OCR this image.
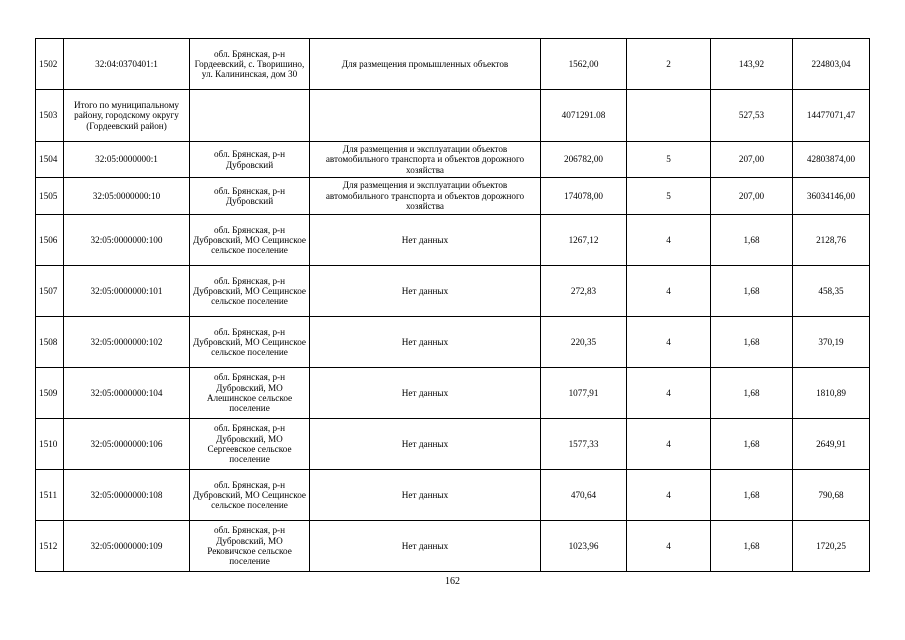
1502	32:04:0370401:1	обл. Брянская, р-н Гордеевский, с. Творишино, ул. Калининская, дом 30	Для размещения промышленных объектов	1562,00	2	143,92	224803,04
1503	Итого по муниципальному району, городскому округу (Гордеевский район)			4071291.08		527,53	14477071,47
1504	32:05:0000000:1	обл. Брянская, р-н Дубровский	Для размещения и эксплуатации объектов автомобильного транспорта и объектов дорожного хозяйства	206782,00	5	207,00	42803874,00
1505	32:05:0000000:10	обл. Брянская, р-н Дубровский	Для размещения и эксплуатации объектов автомобильного транспорта и объектов дорожного хозяйства	174078,00	5	207,00	36034146,00
1506	32:05:0000000:100	обл. Брянская, р-н Дубровский, МО Сещинское сельское поселение	Нет данных	1267,12	4	1,68	2128,76
1507	32:05:0000000:101	обл. Брянская, р-н Дубровский, МО Сещинское сельское поселение	Нет данных	272,83	4	1,68	458,35
1508	32:05:0000000:102	обл. Брянская, р-н Дубровский, МО Сещинское сельское поселение	Нет данных	220,35	4	1,68	370,19
1509	32:05:0000000:104	обл. Брянская, р-н Дубровский, МО Алешинское сельское поселение	Нет данных	1077,91	4	1,68	1810,89
1510	32:05:0000000:106	обл. Брянская, р-н Дубровский, МО Сергеевское сельское поселение	Нет данных	1577,33	4	1,68	2649,91
1511	32:05:0000000:108	обл. Брянская, р-н Дубровский, МО Сещинское сельское поселение	Нет данных	470,64	4	1,68	790,68
1512	32:05:0000000:109	обл. Брянская, р-н Дубровский, МО Рековичское сельское поселение	Нет данных	1023,96	4	1,68	1720,25
162
